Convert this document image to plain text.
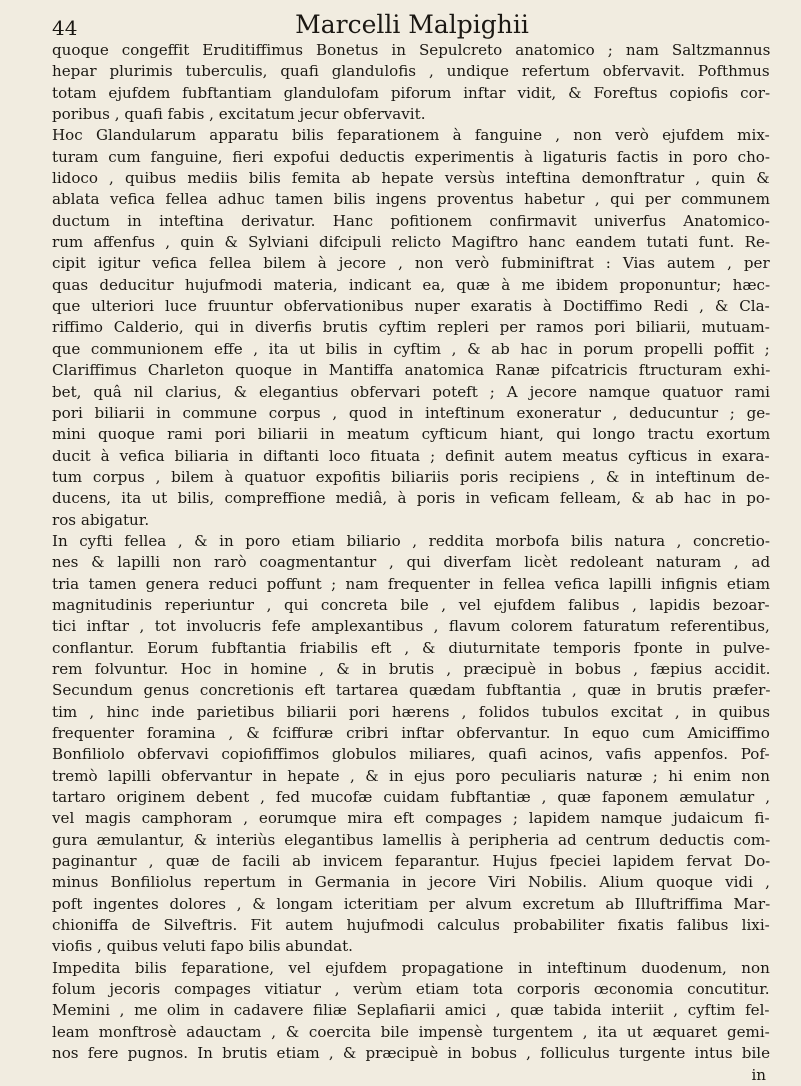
44	Marcelli Malpighii
quoque congeffit Eruditiffimus Bonetus in Sepulcreto anatomico ; nam Saltzmannus
hepar plurimis tuberculis, quafi glandulofis , undique refertum obfervavit. Pofthmus
totam ejufdem fubftantiam glandulofam piforum inftar vidit, & Foreftus copiofis cor-
poribus , quafi fabis , excitatum jecur obfervavit.
Hoc Glandularum apparatu bilis feparationem à fanguine , non verò ejufdem mix-
turam cum fanguine, fieri expofui deductis experimentis à ligaturis factis in poro cho-
lidoco , quibus mediis bilis femita ab hepate versùs inteftina demonftratur , quin &
ablata vefica fellea adhuc tamen bilis ingens proventus habetur , qui per communem
ductum in inteftina derivatur. Hanc pofitionem confirmavit univerfus Anatomico-
rum affenfus , quin & Sylviani difcipuli relicto Magiftro hanc eandem tutati funt. Re-
cipit igitur vefica fellea bilem à jecore , non verò fubminiftrat : Vias autem , per
quas deducitur hujufmodi materia, indicant ea, quæ à me ibidem proponuntur; hæc-
que ulteriori luce fruuntur obfervationibus nuper exaratis à Doctiffimo Redi , & Cla-
riffimo Calderio, qui in diverfis brutis cyftim repleri per ramos pori biliarii, mutuam-
que communionem effe , ita ut bilis in cyftim , & ab hac in porum propelli poffit ;
Clariffimus Charleton quoque in Mantiffa anatomica Ranæ pifcatricis ftructuram exhi-
bet, quâ nil clarius, & elegantius obfervari poteft ; A jecore namque quatuor rami
pori biliarii in commune corpus , quod in inteftinum exoneratur , deducuntur ; ge-
mini quoque rami pori biliarii in meatum cyfticum hiant, qui longo tractu exortum
ducit à vefica biliaria in diftanti loco fituata ; definit autem meatus cyfticus in exara-
tum corpus , bilem à quatuor expofitis biliariis poris recipiens , & in inteftinum de-
ducens, ita ut bilis, compreffione mediâ, à poris in veficam felleam, & ab hac in po-
ros abigatur.
In cyfti fellea , & in poro etiam biliario , reddita morbofa bilis natura , concretio-
nes & lapilli non rarò coagmentantur , qui diverfam licèt redoleant naturam , ad
tria tamen genera reduci poffunt ; nam frequenter in fellea vefica lapilli infignis etiam
magnitudinis reperiuntur , qui concreta bile , vel ejufdem falibus , lapidis bezoar-
tici inftar , tot involucris fefe amplexantibus , flavum colorem faturatum referentibus,
conflantur. Eorum fubftantia friabilis eft , & diuturnitate temporis fponte in pulve-
rem folvuntur. Hoc in homine , & in brutis , præcipuè in bobus , fæpius accidit.
Secundum genus concretionis eft tartarea quædam fubftantia , quæ in brutis præfer-
tim , hinc inde parietibus biliarii pori hærens , folidos tubulos excitat , in quibus
frequenter foramina , & fciffuræ cribri inftar obfervantur. In equo cum Amiciffimo
Bonfiliolo obfervavi copiofiffimos globulos miliares, quafi acinos, vafis appenfos. Pof-
tremò lapilli obfervantur in hepate , & in ejus poro peculiaris naturæ ; hi enim non
tartaro originem debent , fed mucofæ cuidam fubftantiæ , quæ faponem æmulatur ,
vel magis camphoram , eorumque mira eft compages ; lapidem namque judaicum fi-
gura æmulantur, & interiùs elegantibus lamellis à peripheria ad centrum deductis com-
paginantur , quæ de facili ab invicem feparantur. Hujus fpeciei lapidem fervat Do-
minus Bonfiliolus repertum in Germania in jecore Viri Nobilis. Alium quoque vidi ,
poft ingentes dolores , & longam icteritiam per alvum excretum ab Illuftriffima Mar-
chioniffa de Silveftris. Fit autem hujufmodi calculus probabiliter fixatis falibus lixi-
viofis , quibus veluti fapo bilis abundat.
Impedita bilis feparatione, vel ejufdem propagatione in inteftinum duodenum, non
folum jecoris compages vitiatur , verùm etiam tota corporis œconomia concutitur.
Memini , me olim in cadavere filiæ Seplafiarii amici , quæ tabida interiit , cyftim fel-
leam monftrosè adauctam , & coercita bile impensè turgentem , ita ut æquaret gemi-
nos fere pugnos. In brutis etiam , & præcipuè in bobus , folliculus turgente intus bile
in
